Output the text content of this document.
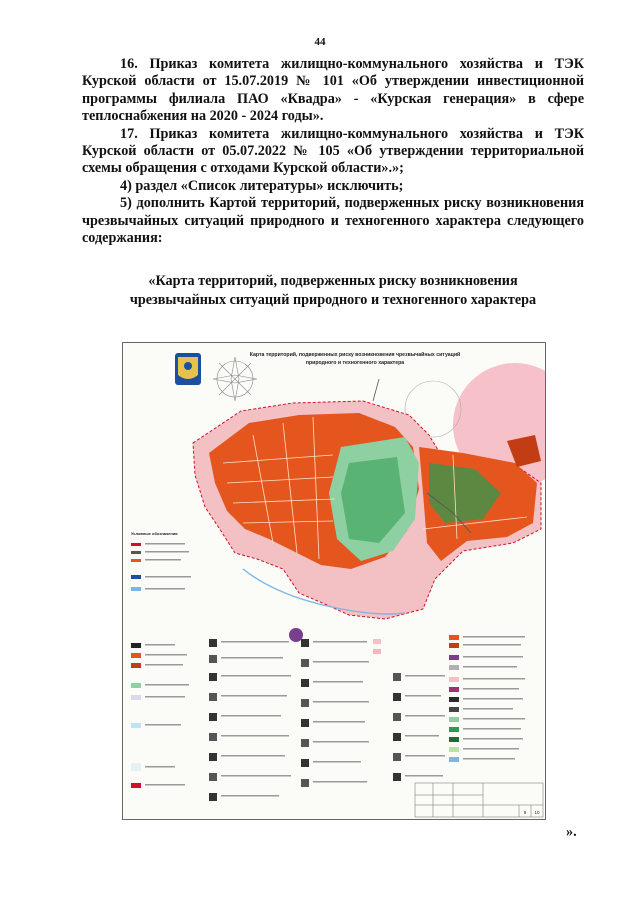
44

16. Приказ комитета жилищно-коммунального хозяйства и ТЭК Курской области от 15.07.2019 № 101 «Об утверждении инвестиционной программы филиала ПАО «Квадра» - «Курская генерация» в сфере теплоснабжения на 2020 - 2024 годы».

17. Приказ комитета жилищно-коммунального хозяйства и ТЭК Курской области от 05.07.2022 № 105 «Об утверждении территориальной схемы обращения с отходами Курской области».»;

4) раздел «Список литературы» исключить;

5) дополнить Картой территорий, подверженных риску возникновения чрезвычайных ситуаций природного и техногенного характера следующего содержания:

«Карта территорий, подверженных риску возникновения
чрезвычайных ситуаций природного и техногенного характера
Карта территорий, подверженных риску возникновения чрезвычайных ситуаций
природного и техногенного характера
Условные обозначения
9 10
».
